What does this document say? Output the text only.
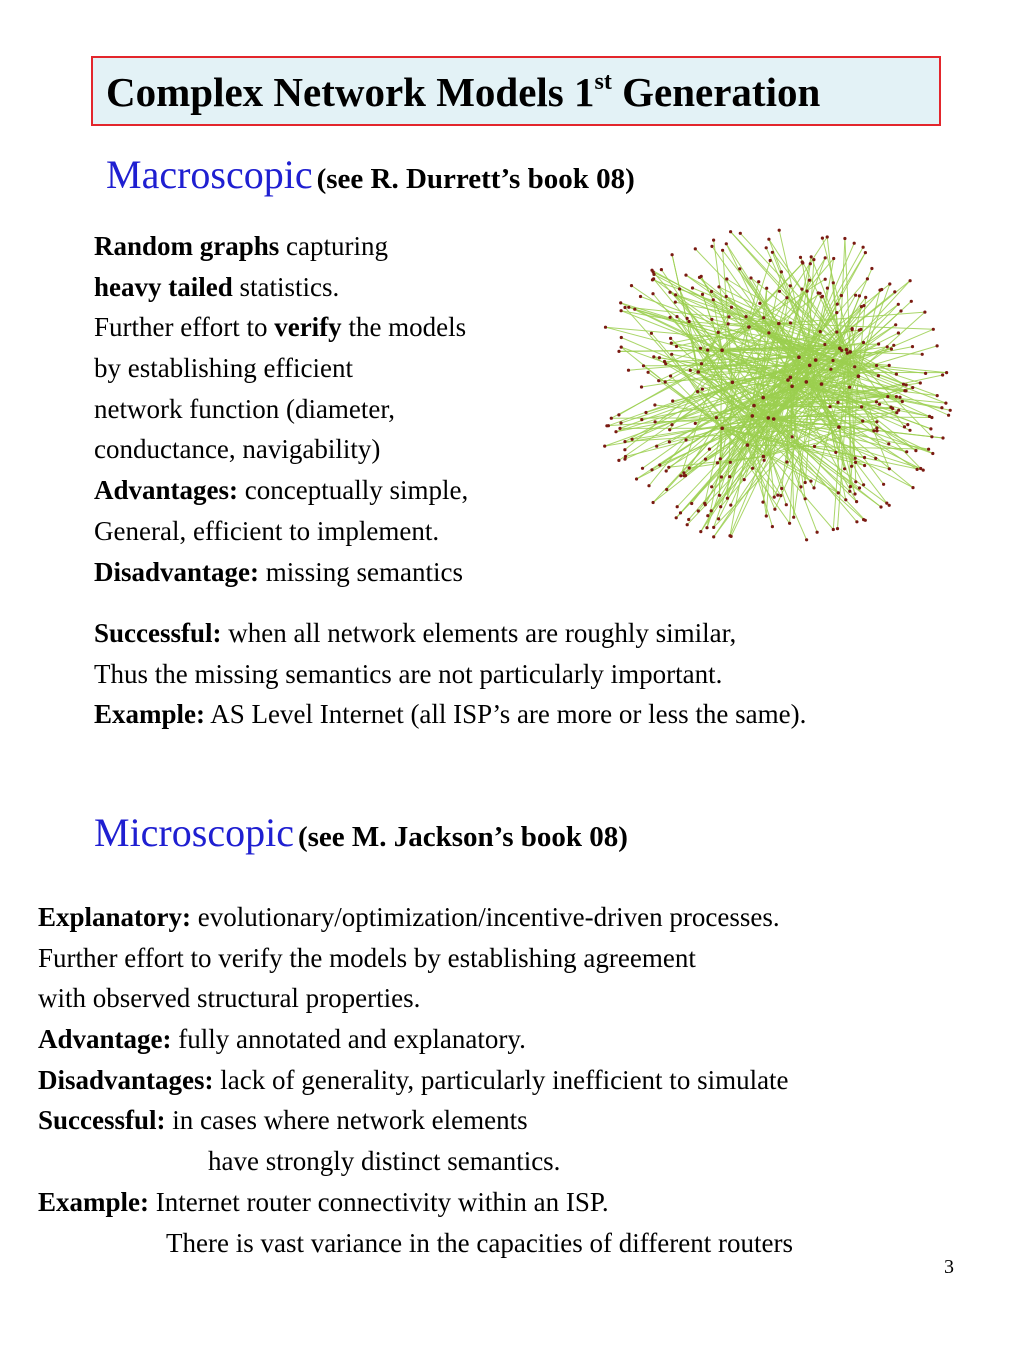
Complex Network Models 1st Generation
Macroscopic (see R. Durrett’s book 08)
Random graphs capturing
heavy tailed statistics.
Further effort to verify the models
by establishing efficient
network function (diameter,
conductance, navigability)
Advantages: conceptually simple,
General, efficient to implement.
Disadvantage: missing semantics
Successful: when all network elements are roughly similar,
Thus the missing semantics are not particularly important.
Example: AS Level Internet (all ISP’s are more or less the same).
Microscopic (see M. Jackson’s book 08)
Explanatory: evolutionary/optimization/incentive-driven processes.
Further effort to verify the models by establishing agreement
with observed structural properties.
Advantage: fully annotated and explanatory.
Disadvantages: lack of generality, particularly inefficient to simulate
Successful: in cases where network elements
have strongly distinct semantics.
Example: Internet router connectivity within an ISP.
There is vast variance in the capacities of different routers
3
